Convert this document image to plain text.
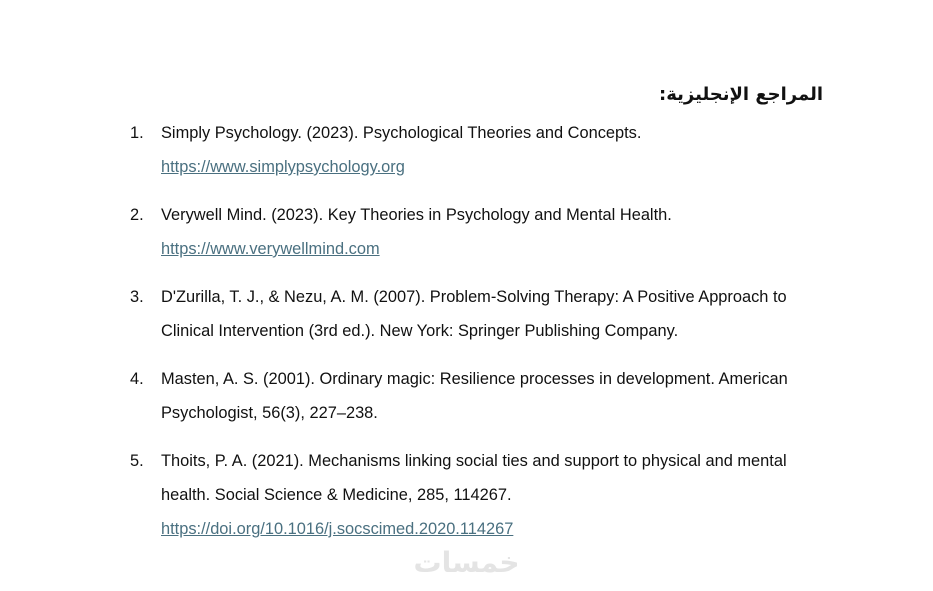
المراجع الإنجليزية:
1. Simply Psychology. (2023). Psychological Theories and Concepts.
https://www.simplypsychology.org
2. Verywell Mind. (2023). Key Theories in Psychology and Mental Health.
https://www.verywellmind.com
3. D'Zurilla, T. J., & Nezu, A. M. (2007). Problem-Solving Therapy: A Positive Approach to Clinical Intervention (3rd ed.). New York: Springer Publishing Company.
4. Masten, A. S. (2001). Ordinary magic: Resilience processes in development. American Psychologist, 56(3), 227–238.
5. Thoits, P. A. (2021). Mechanisms linking social ties and support to physical and mental health. Social Science & Medicine, 285, 114267.
https://doi.org/10.1016/j.socscimed.2020.114267
خمسات
